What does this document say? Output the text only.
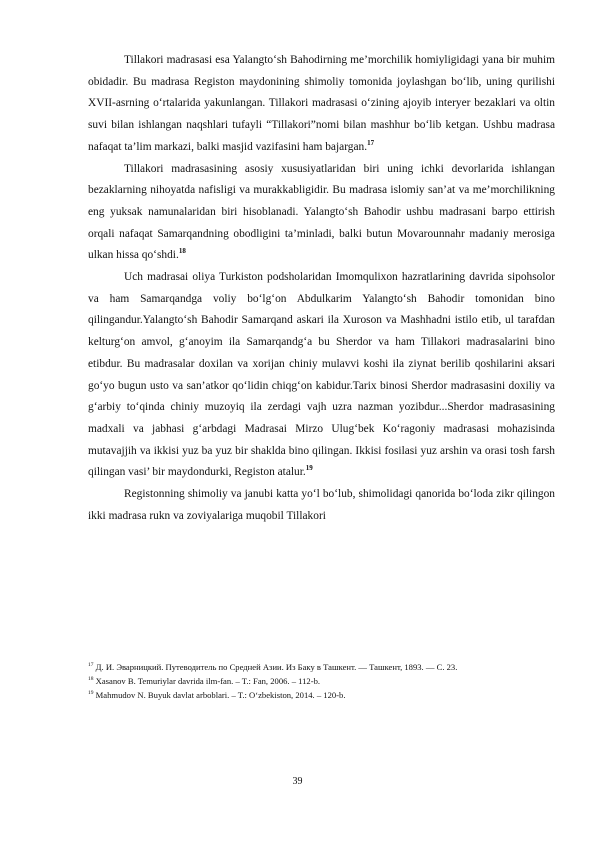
Tillakori madrasasi esa Yalangto‘sh Bahodirning me’morchilik homiyligidagi yana bir muhim obidadir. Bu madrasa Registon maydonining shimoliy tomonida joylashgan bo‘lib, uning qurilishi XVII-asrning o‘rtalarida yakunlangan. Tillakori madrasasi o‘zining ajoyib interyer bezaklari va oltin suvi bilan ishlangan naqshlari tufayli “Tillakori”nomi bilan mashhur bo‘lib ketgan. Ushbu madrasa nafaqat ta’lim markazi, balki masjid vazifasini ham bajargan.$^{17}$

Tillakori madrasasining asosiy xususiyatlaridan biri uning ichki devorlarida ishlangan bezaklarning nihoyatda nafisligi va murakkabligidir. Bu madrasa islomiy san’at va me’morchilikning eng yuksak namunalaridan biri hisoblanadi. Yalangto‘sh Bahodir ushbu madrasani barpo ettirish orqali nafaqat Samarqandning obodligini ta’minladi, balki butun Movarounnahr madaniy merosiga ulkan hissa qo‘shdi.$^{18}$

Uch madrasai oliya Turkiston podsholaridan Imomqulixon hazratlarining davrida sipohsolor va ham Samarqandga voliy bo‘lg‘on Abdulkarim Yalangto‘sh Bahodir tomonidan bino qilingandur.Yalangto‘sh Bahodir Samarqand askari ila Xuroson va Mashhadni istilo etib, ul tarafdan kelturg‘on amvol, g‘anoyim ila Samarqandg‘a bu Sherdor va ham Tillakori madrasalarini bino etibdur. Bu madrasalar doxilan va xorijan chiniy mulavvi koshi ila ziynat berilib qoshilarini aksari go‘yo bugun usto va san’atkor qo‘lidin chiqg‘on kabidur.Tarix binosi Sherdor madrasasini doxiliy va g‘arbiy to‘qinda chiniy muzoyiq ila zerdagi vajh uzra nazman yozibdur...Sherdor madrasasining madxali va jabhasi g‘arbdagi Madrasai Mirzo Ulug‘bek Ko‘ragoniy madrasasi mohazisinda mutavajjih va ikkisi yuz ba yuz bir shaklda bino qilingan. Ikkisi fosilasi yuz arshin va orasi tosh farsh qilingan vasi’ bir maydondurki, Registon atalur.$^{19}$

Registonning shimoliy va janubi katta yo‘l bo‘lub, shimolidagi qanorida bo‘loda zikr qilingon ikki madrasa rukn va zoviyalariga muqobil Tillakori

$^{17}$ Д. И. Эварницкий. Путеводитель по Средней Азии. Из Баку в Ташкент. — Ташкент, 1893. — С. 23.

$^{18}$ Xasanov B. Temuriylar davrida ilm-fan. – T.: Fan, 2006. – 112-b.

$^{19}$ Mahmudov N. Buyuk davlat arboblari. – T.: O‘zbekiston, 2014. – 120-b.

39
